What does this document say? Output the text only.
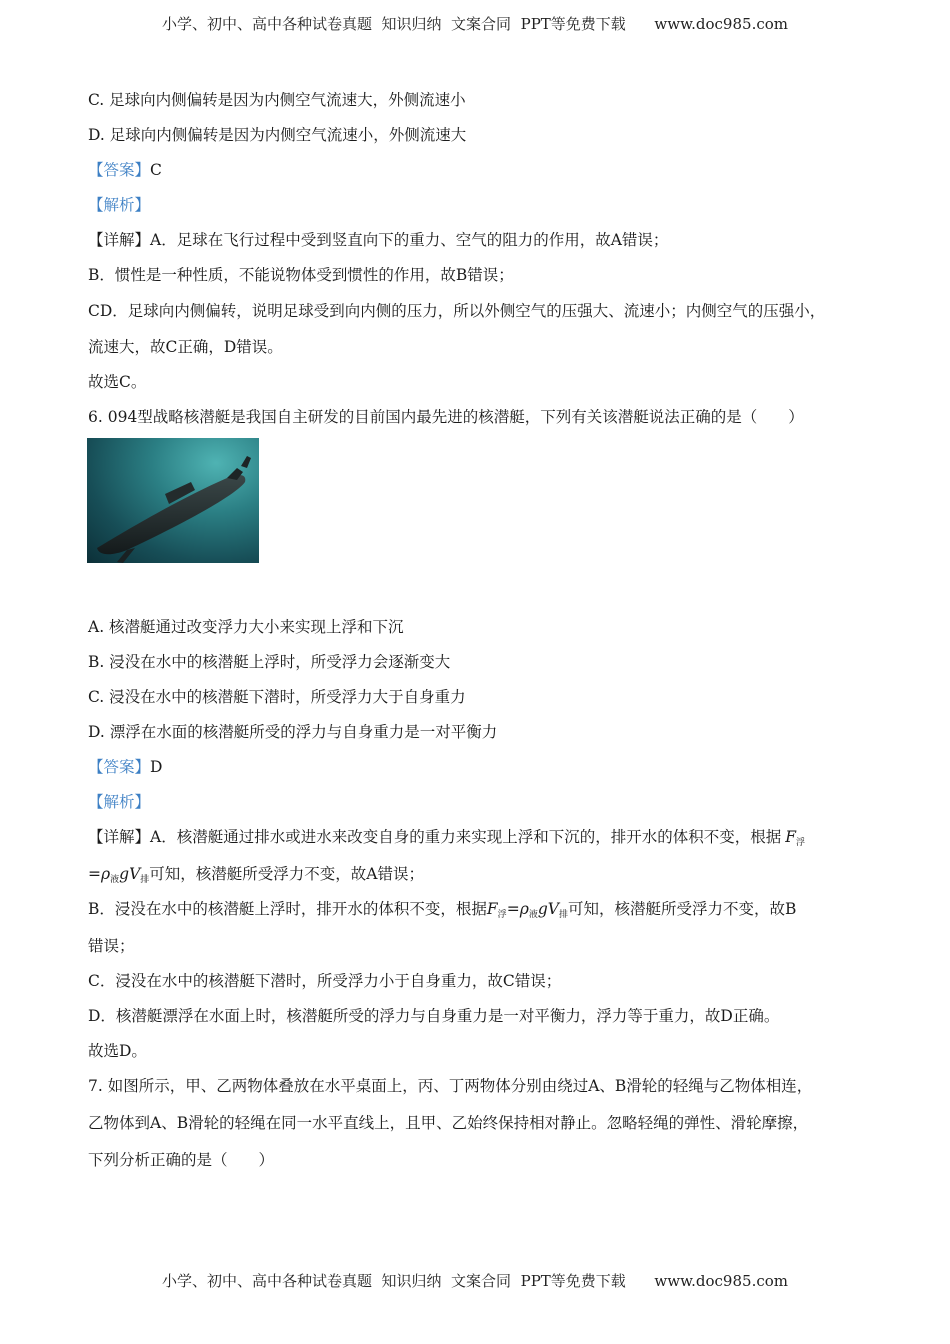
小学、初中、高中各种试卷真题  知识归纳  文案合同  PPT等免费下载      www.doc985.com
C. 足球向内侧偏转是因为内侧空气流速大，外侧流速小
D. 足球向内侧偏转是因为内侧空气流速小，外侧流速大
【答案】C
【解析】
【详解】A．足球在飞行过程中受到竖直向下的重力、空气的阻力的作用，故A错误；
B．惯性是一种性质，不能说物体受到惯性的作用，故B错误；
CD．足球向内侧偏转，说明足球受到向内侧的压力，所以外侧空气的压强大、流速小；内侧空气的压强小，
流速大，故C正确，D错误。
故选C。
6. 094型战略核潜艇是我国自主研发的目前国内最先进的核潜艇，下列有关该潜艇说法正确的是（　　）
A. 核潜艇通过改变浮力大小来实现上浮和下沉
B. 浸没在水中的核潜艇上浮时，所受浮力会逐渐变大
C. 浸没在水中的核潜艇下潜时，所受浮力大于自身重力
D. 漂浮在水面的核潜艇所受的浮力与自身重力是一对平衡力
【答案】D
【解析】
【详解】A．核潜艇通过排水或进水来改变自身的重力来实现上浮和下沉的，排开水的体积不变，根据 $F_浮$
$=\rho_液gV_排$可知，核潜艇所受浮力不变，故A错误；
B．浸没在水中的核潜艇上浮时，排开水的体积不变，根据$F_浮=\rho_液gV_排$可知，核潜艇所受浮力不变，故B
错误；
C．浸没在水中的核潜艇下潜时，所受浮力小于自身重力，故C错误；
D．核潜艇漂浮在水面上时，核潜艇所受的浮力与自身重力是一对平衡力，浮力等于重力，故D正确。
故选D。
7. 如图所示，甲、乙两物体叠放在水平桌面上，丙、丁两物体分别由绕过A、B滑轮的轻绳与乙物体相连，
乙物体到A、B滑轮的轻绳在同一水平直线上，且甲、乙始终保持相对静止。忽略轻绳的弹性、滑轮摩擦，
下列分析正确的是（　　）
小学、初中、高中各种试卷真题  知识归纳  文案合同  PPT等免费下载      www.doc985.com
